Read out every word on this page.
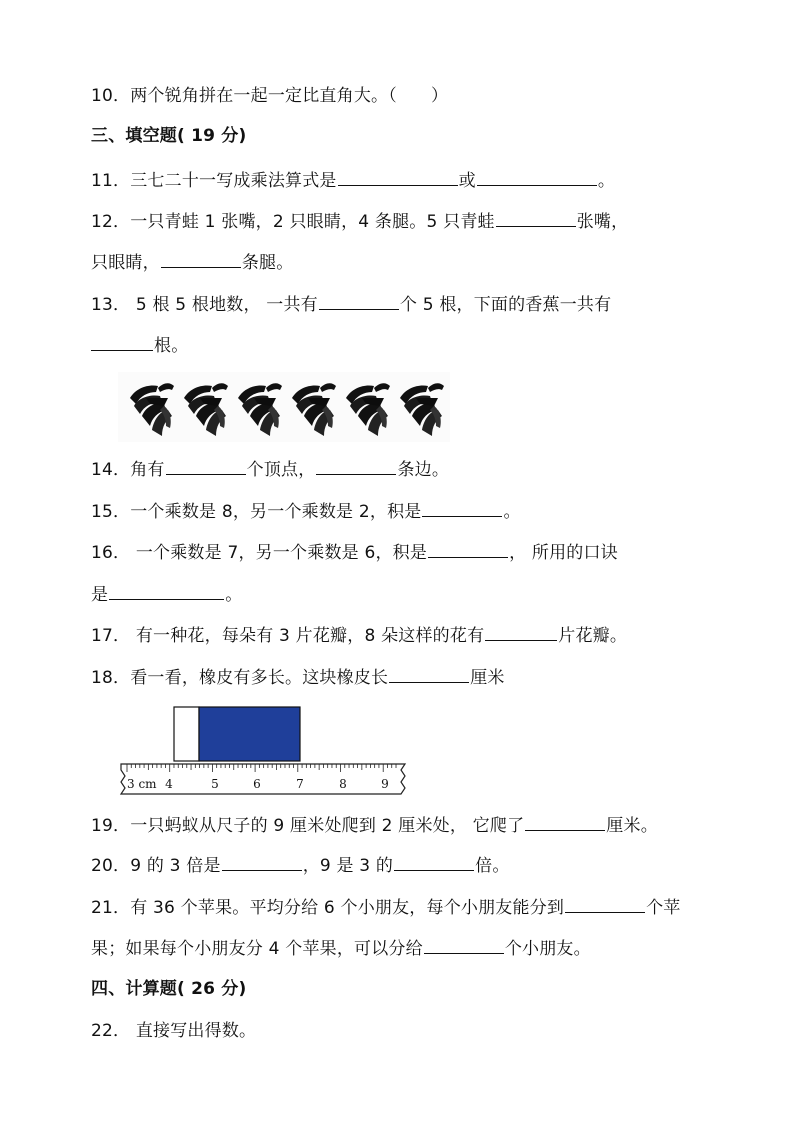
10．两个锐角拼在一起一定比直角大。（ ）
三、填空题( 19 分)
11．三七二十一写成乘法算式是	或	。
12．一只青蛙 1 张嘴，2 只眼睛，4 条腿。5 只青蛙	张嘴，
只眼睛，	条腿。
13． 5 根 5 根地数， 一共有	个 5 根，下面的香蕉一共有
根。
14．角有	个顶点，	条边。
15．一个乘数是 8，另一个乘数是 2，积是	。
16． 一个乘数是 7，另一个乘数是 6，积是	， 所用的口诀
是	。
17． 有一种花，每朵有 3 片花瓣，8 朵这样的花有	片花瓣。
18．看一看，橡皮有多长。这块橡皮长	厘米
3 cm 4	5	6	7	8	9
19．一只蚂蚁从尺子的 9 厘米处爬到 2 厘米处， 它爬了	厘米。
20．9 的 3 倍是	，9 是 3 的	倍。
21．有 36 个苹果。平均分给 6 个小朋友，每个小朋友能分到	个苹
果；如果每个小朋友分 4 个苹果，可以分给	个小朋友。
四、计算题( 26 分)
22． 直接写出得数。
